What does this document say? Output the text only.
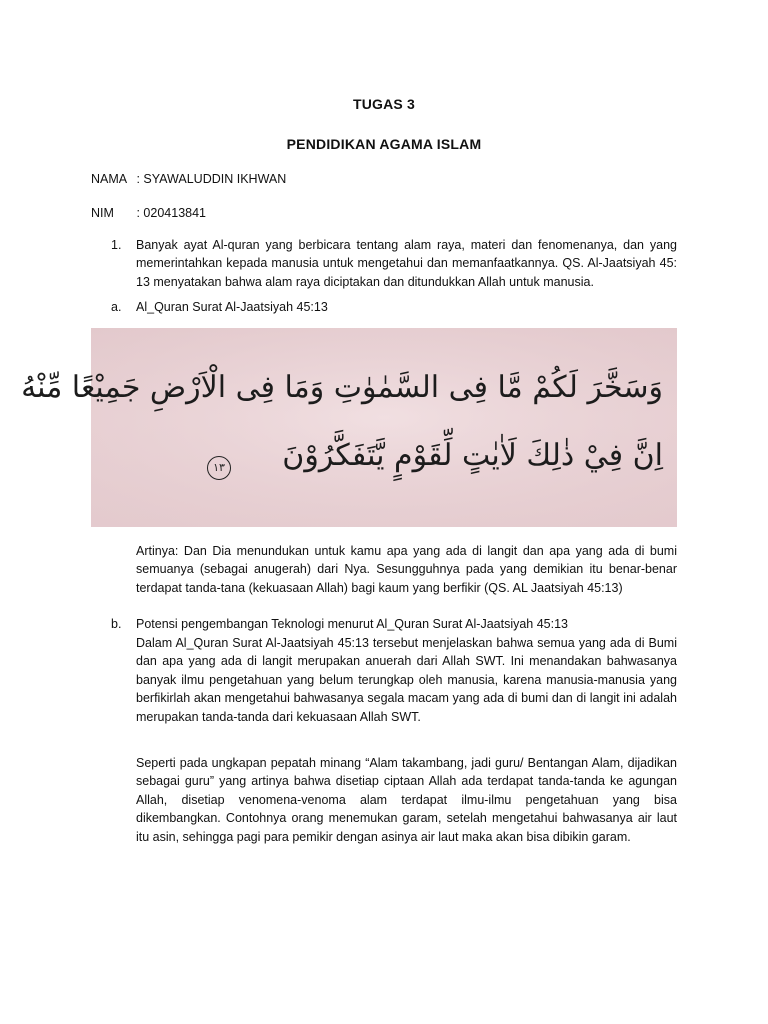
TUGAS 3
PENDIDIKAN AGAMA ISLAM
NAMA : SYAWALUDDIN IKHWAN
NIM : 020413841
1. Banyak ayat Al-quran yang berbicara tentang alam raya, materi dan fenomenanya, dan yang memerintahkan kepada manusia untuk mengetahui dan memanfaatkannya. QS. Al-Jaatsiyah 45: 13 menyatakan bahwa alam raya diciptakan dan ditundukkan Allah untuk manusia.
a. Al_Quran Surat Al-Jaatsiyah 45:13
وَسَخَّرَ لَكُمْ مَّا فِى السَّمٰوٰتِ وَمَا فِى الْاَرْضِ جَمِيْعًا مِّنْهُ
اِنَّ فِيْ ذٰلِكَ لَاٰيٰتٍ لِّقَوْمٍ يَّتَفَكَّرُوْنَ
١٣
Artinya: Dan Dia menundukan untuk kamu apa yang ada di langit dan apa yang ada di bumi semuanya (sebagai anugerah) dari Nya. Sesungguhnya pada yang demikian itu benar-benar terdapat tanda-tana (kekuasaan Allah) bagi kaum yang berfikir (QS. AL Jaatsiyah 45:13)
b. Potensi pengembangan Teknologi menurut Al_Quran Surat Al-Jaatsiyah 45:13
Dalam Al_Quran Surat Al-Jaatsiyah 45:13 tersebut menjelaskan bahwa semua yang ada di Bumi dan apa yang ada di langit merupakan anuerah dari Allah SWT. Ini menandakan bahwasanya banyak ilmu pengetahuan yang belum terungkap oleh manusia, karena manusia-manusia yang berfikirlah akan mengetahui bahwasanya segala macam yang ada di bumi dan di langit ini adalah merupakan tanda-tanda dari kekuasaan Allah SWT.
Seperti pada ungkapan pepatah minang “Alam takambang, jadi guru/ Bentangan Alam, dijadikan sebagai guru” yang artinya bahwa disetiap ciptaan Allah ada terdapat tanda-tanda ke agungan Allah, disetiap venomena-venoma alam terdapat ilmu-ilmu pengetahuan yang bisa dikembangkan. Contohnya orang menemukan garam, setelah mengetahui bahwasanya air laut itu asin, sehingga pagi para pemikir dengan asinya air laut maka akan bisa dibikin garam.
